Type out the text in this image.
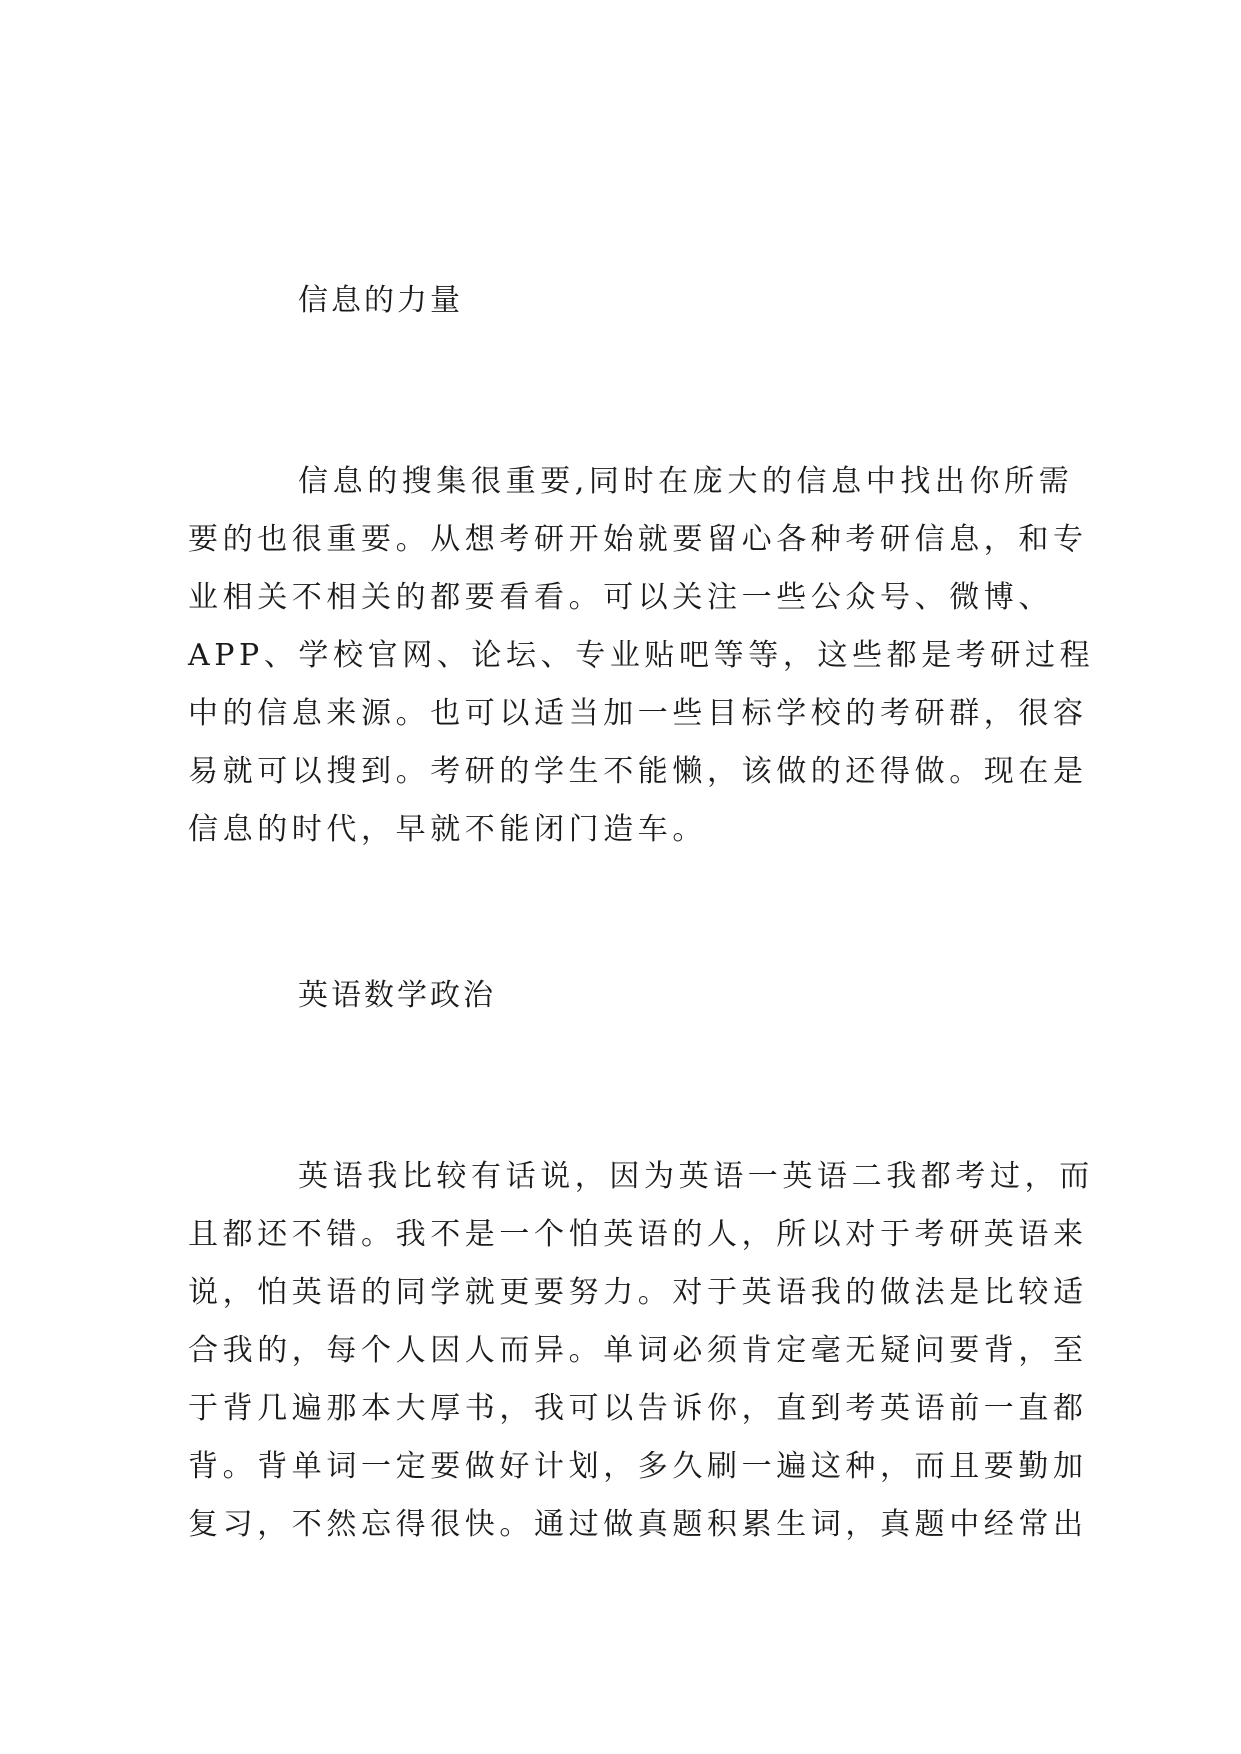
信息的力量

信息的搜集很重要,同时在庞大的信息中找出你所需
要的也很重要。从想考研开始就要留心各种考研信息，和专
业相关不相关的都要看看。可以关注一些公众号、微博、
APP、学校官网、论坛、专业贴吧等等，这些都是考研过程
中的信息来源。也可以适当加一些目标学校的考研群，很容
易就可以搜到。考研的学生不能懒，该做的还得做。现在是
信息的时代，早就不能闭门造车。

英语数学政治

英语我比较有话说，因为英语一英语二我都考过，而
且都还不错。我不是一个怕英语的人，所以对于考研英语来
说，怕英语的同学就更要努力。对于英语我的做法是比较适
合我的，每个人因人而异。单词必须肯定毫无疑问要背，至
于背几遍那本大厚书，我可以告诉你，直到考英语前一直都
背。背单词一定要做好计划，多久刷一遍这种，而且要勤加
复习，不然忘得很快。通过做真题积累生词，真题中经常出
